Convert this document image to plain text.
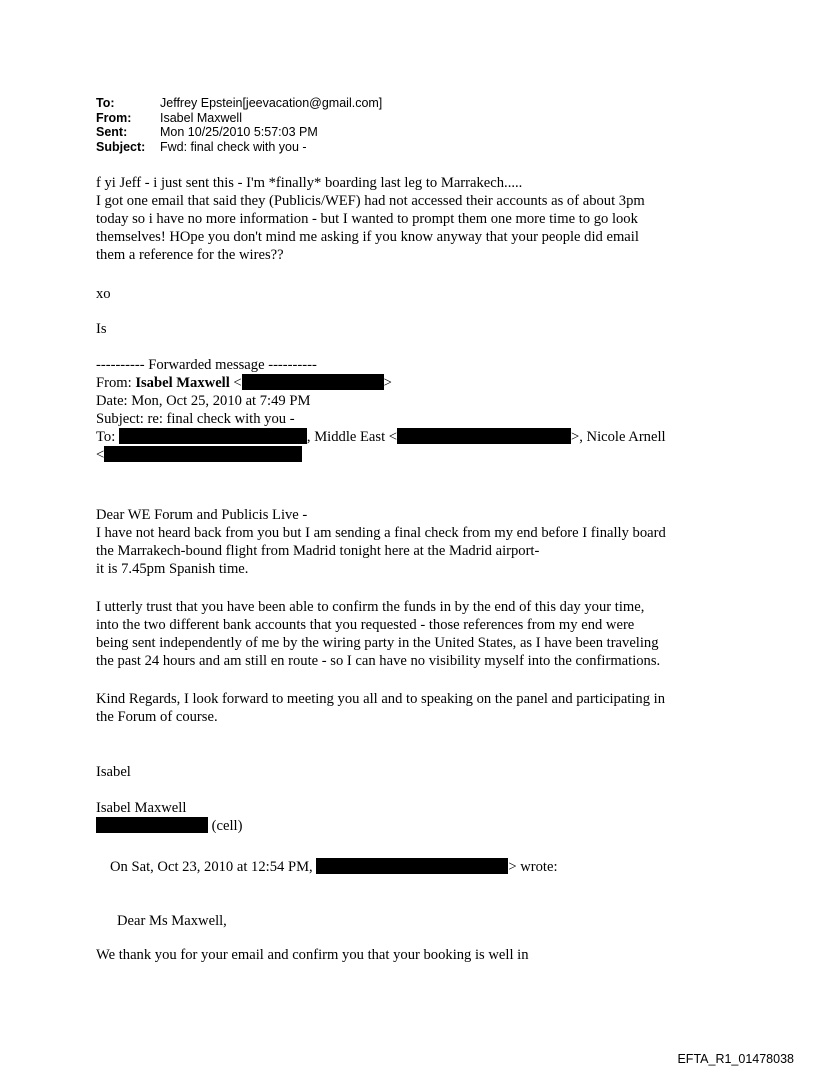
To:	Jeffrey Epstein[jeevacation@gmail.com]
From: Isabel Maxwell
Sent:	Mon 10/25/2010 5:57:03 PM
Subject: Fwd: final check with you -
f yi Jeff - i just sent this - I'm *finally* boarding last leg to Marrakech.....
I got one email that said they (Publicis/WEF) had not accessed their accounts as of about 3pm
today so i have no more information - but I wanted to prompt them one more time to go look
themselves! HOpe you don't mind me asking if you know anyway that your people did email
them a reference for the wires??
xo
Is
---------- Forwarded message ----------
From: Isabel Maxwell <	>
Date: Mon, Oct 25, 2010 at 7:49 PM
Subject: re: final check with you -
To:	, Middle East <	>, Nicole Arnell
<
Dear WE Forum and Publicis Live -
I have not heard back from you but I am sending a final check from my end before I finally board
the Marrakech-bound flight from Madrid tonight here at the Madrid airport-
it is 7.45pm Spanish time.
I utterly trust that you have been able to confirm the funds in by the end of this day your time,
into the two different bank accounts that you requested - those references from my end were
being sent independently of me by the wiring party in the United States, as I have been traveling
the past 24 hours and am still en route - so I can have no visibility myself into the confirmations.
Kind Regards, I look forward to meeting you all and to speaking on the panel and participating in
the Forum of course.
Isabel
Isabel Maxwell
(cell)
On Sat, Oct 23, 2010 at 12:54 PM,	> wrote:
Dear Ms Maxwell,
We thank you for your email and confirm you that your booking is well in
EFTA_R1_01478038
